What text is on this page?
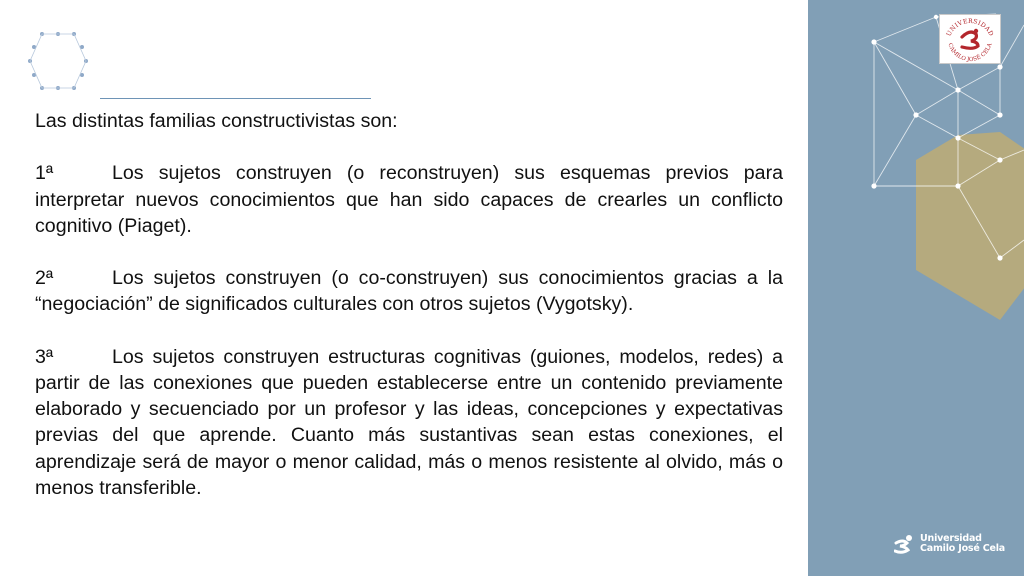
Las distintas familias constructivistas son:

1ª	Los sujetos construyen (o reconstruyen) sus esquemas previos para interpretar nuevos conocimientos que han sido capaces de crearles un conflicto cognitivo (Piaget).

2ª	Los sujetos construyen (o co-construyen) sus conocimientos gracias a la “negociación” de significados culturales con otros sujetos (Vygotsky).

3ª	Los sujetos construyen estructuras cognitivas (guiones, modelos, redes) a partir de las conexiones que pueden establecerse entre un contenido previamente elaborado y secuenciado por un profesor y las ideas, concepciones y expectativas previas del que aprende. Cuanto más sustantivas sean estas conexiones, el aprendizaje será de mayor o menor calidad, más o menos resistente al olvido, más o menos transferible.

UNIVERSIDAD
CAMILO JOSÉ CELA
Universidad
Camilo José Cela
